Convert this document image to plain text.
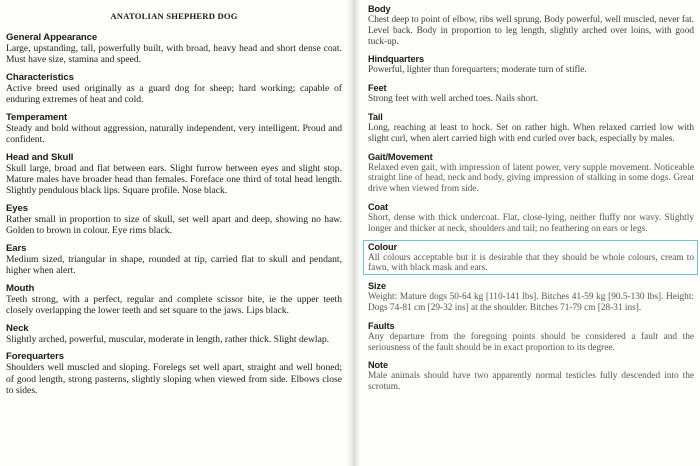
ANATOLIAN SHEPHERD DOG
General Appearance
Large, upstanding, tall, powerfully built, with broad, heavy head and short dense coat. Must have size, stamina and speed.
Characteristics
Active breed used originally as a guard dog for sheep; hard working; capable of enduring extremes of heat and cold.
Temperament
Steady and bold without aggression, naturally independent, very intelligent. Proud and confident.
Head and Skull
Skull large, broad and flat between ears. Slight furrow between eyes and slight stop. Mature males have broader head than females. Foreface one third of total head length. Slightly pendulous black lips. Square profile. Nose black.
Eyes
Rather small in proportion to size of skull, set well apart and deep, showing no haw. Golden to brown in colour. Eye rims black.
Ears
Medium sized, triangular in shape, rounded at tip, carried flat to skull and pendant, higher when alert.
Mouth
Teeth strong, with a perfect, regular and complete scissor bite, ie the upper teeth closely overlapping the lower teeth and set square to the jaws. Lips black.
Neck
Slightly arched, powerful, muscular, moderate in length, rather thick. Slight dewlap.
Forequarters
Shoulders well muscled and sloping. Forelegs set well apart, straight and well boned; of good length, strong pasterns, slightly sloping when viewed from side. Elbows close to sides.
Body
Chest deep to point of elbow, ribs well sprung. Body powerful, well muscled, never fat. Level back. Body in proportion to leg length, slightly arched over loins, with good tuck-up.
Hindquarters
Powerful, lighter than forequarters; moderate turn of stifle.
Feet
Strong feet with well arched toes. Nails short.
Tail
Long, reaching at least to hock. Set on rather high. When relaxed carried low with slight curl, when alert carried high with end curled over back, especially by males.
Gait/Movement
Relaxed even gait, with impression of latent power, very supple movement. Noticeable straight line of head, neck and body, giving impression of stalking in some dogs. Great drive when viewed from side.
Coat
Short, dense with thick undercoat. Flat, close-lying, neither fluffy nor wavy. Slightly longer and thicker at neck, shoulders and tail; no feathering on ears or legs.
Colour
All colours acceptable but it is desirable that they should be whole colours, cream to fawn, with black mask and ears.
Size
Weight: Mature dogs 50-64 kg [110-141 lbs]. Bitches 41-59 kg [90.5-130 lbs]. Height: Dogs 74-81 cm [29-32 ins] at the shoulder. Bitches 71-79 cm [28-31 ins].
Faults
Any departure from the foregoing points should be considered a fault and the seriousness of the fault should be in exact proportion to its degree.
Note
Male animals should have two apparently normal testicles fully descended into the scrotum.
